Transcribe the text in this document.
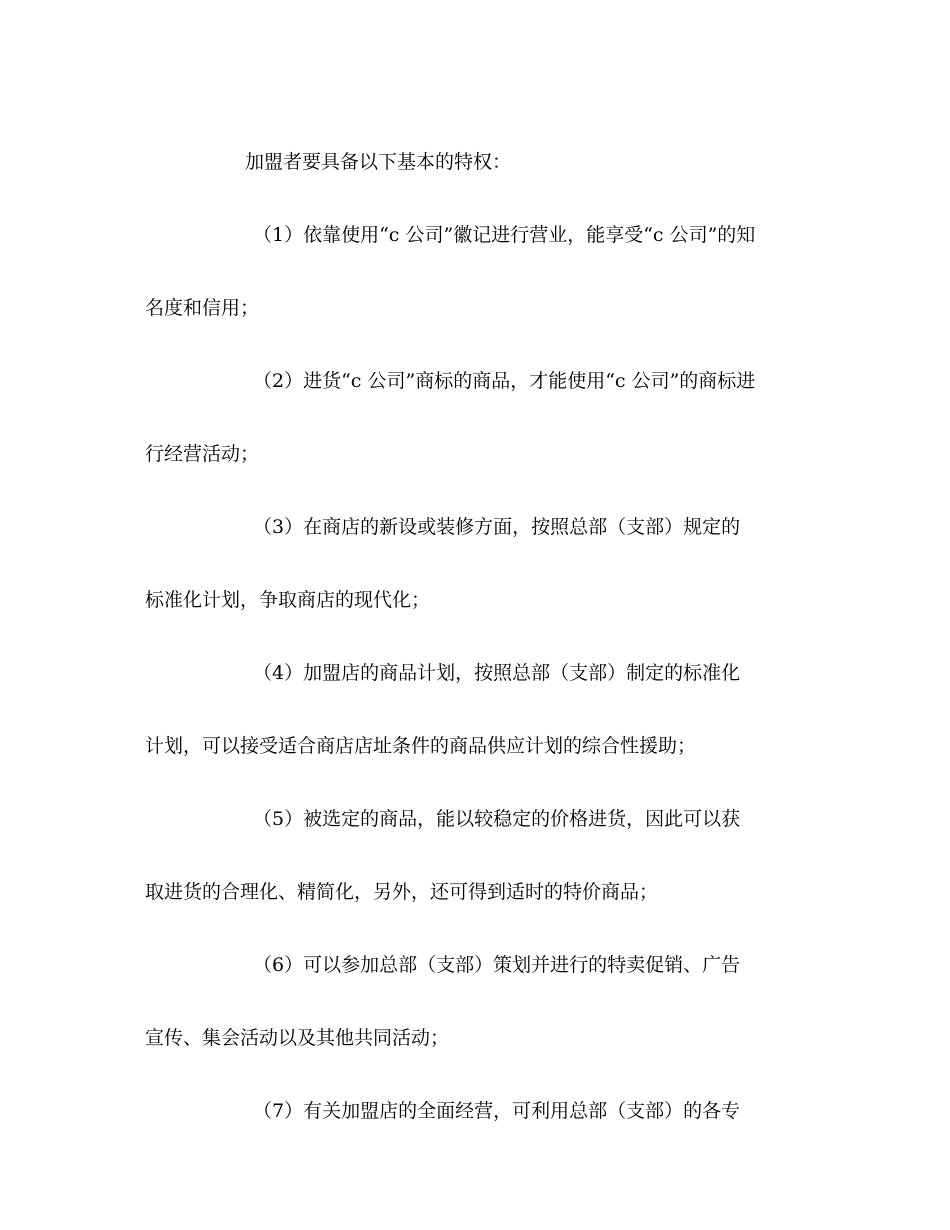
加盟者要具备以下基本的特权：

（1）依靠使用“c 公司”徽记进行营业，能享受“c 公司”的知
名度和信用；

（2）进货“c 公司”商标的商品，才能使用“c 公司”的商标进
行经营活动；

（3）在商店的新设或装修方面，按照总部（支部）规定的
标准化计划，争取商店的现代化；

（4）加盟店的商品计划，按照总部（支部）制定的标准化
计划，可以接受适合商店店址条件的商品供应计划的综合性援助；

（5）被选定的商品，能以较稳定的价格进货，因此可以获
取进货的合理化、精简化，另外，还可得到适时的特价商品；

（6）可以参加总部（支部）策划并进行的特卖促销、广告
宣传、集会活动以及其他共同活动；

（7）有关加盟店的全面经营，可利用总部（支部）的各专
